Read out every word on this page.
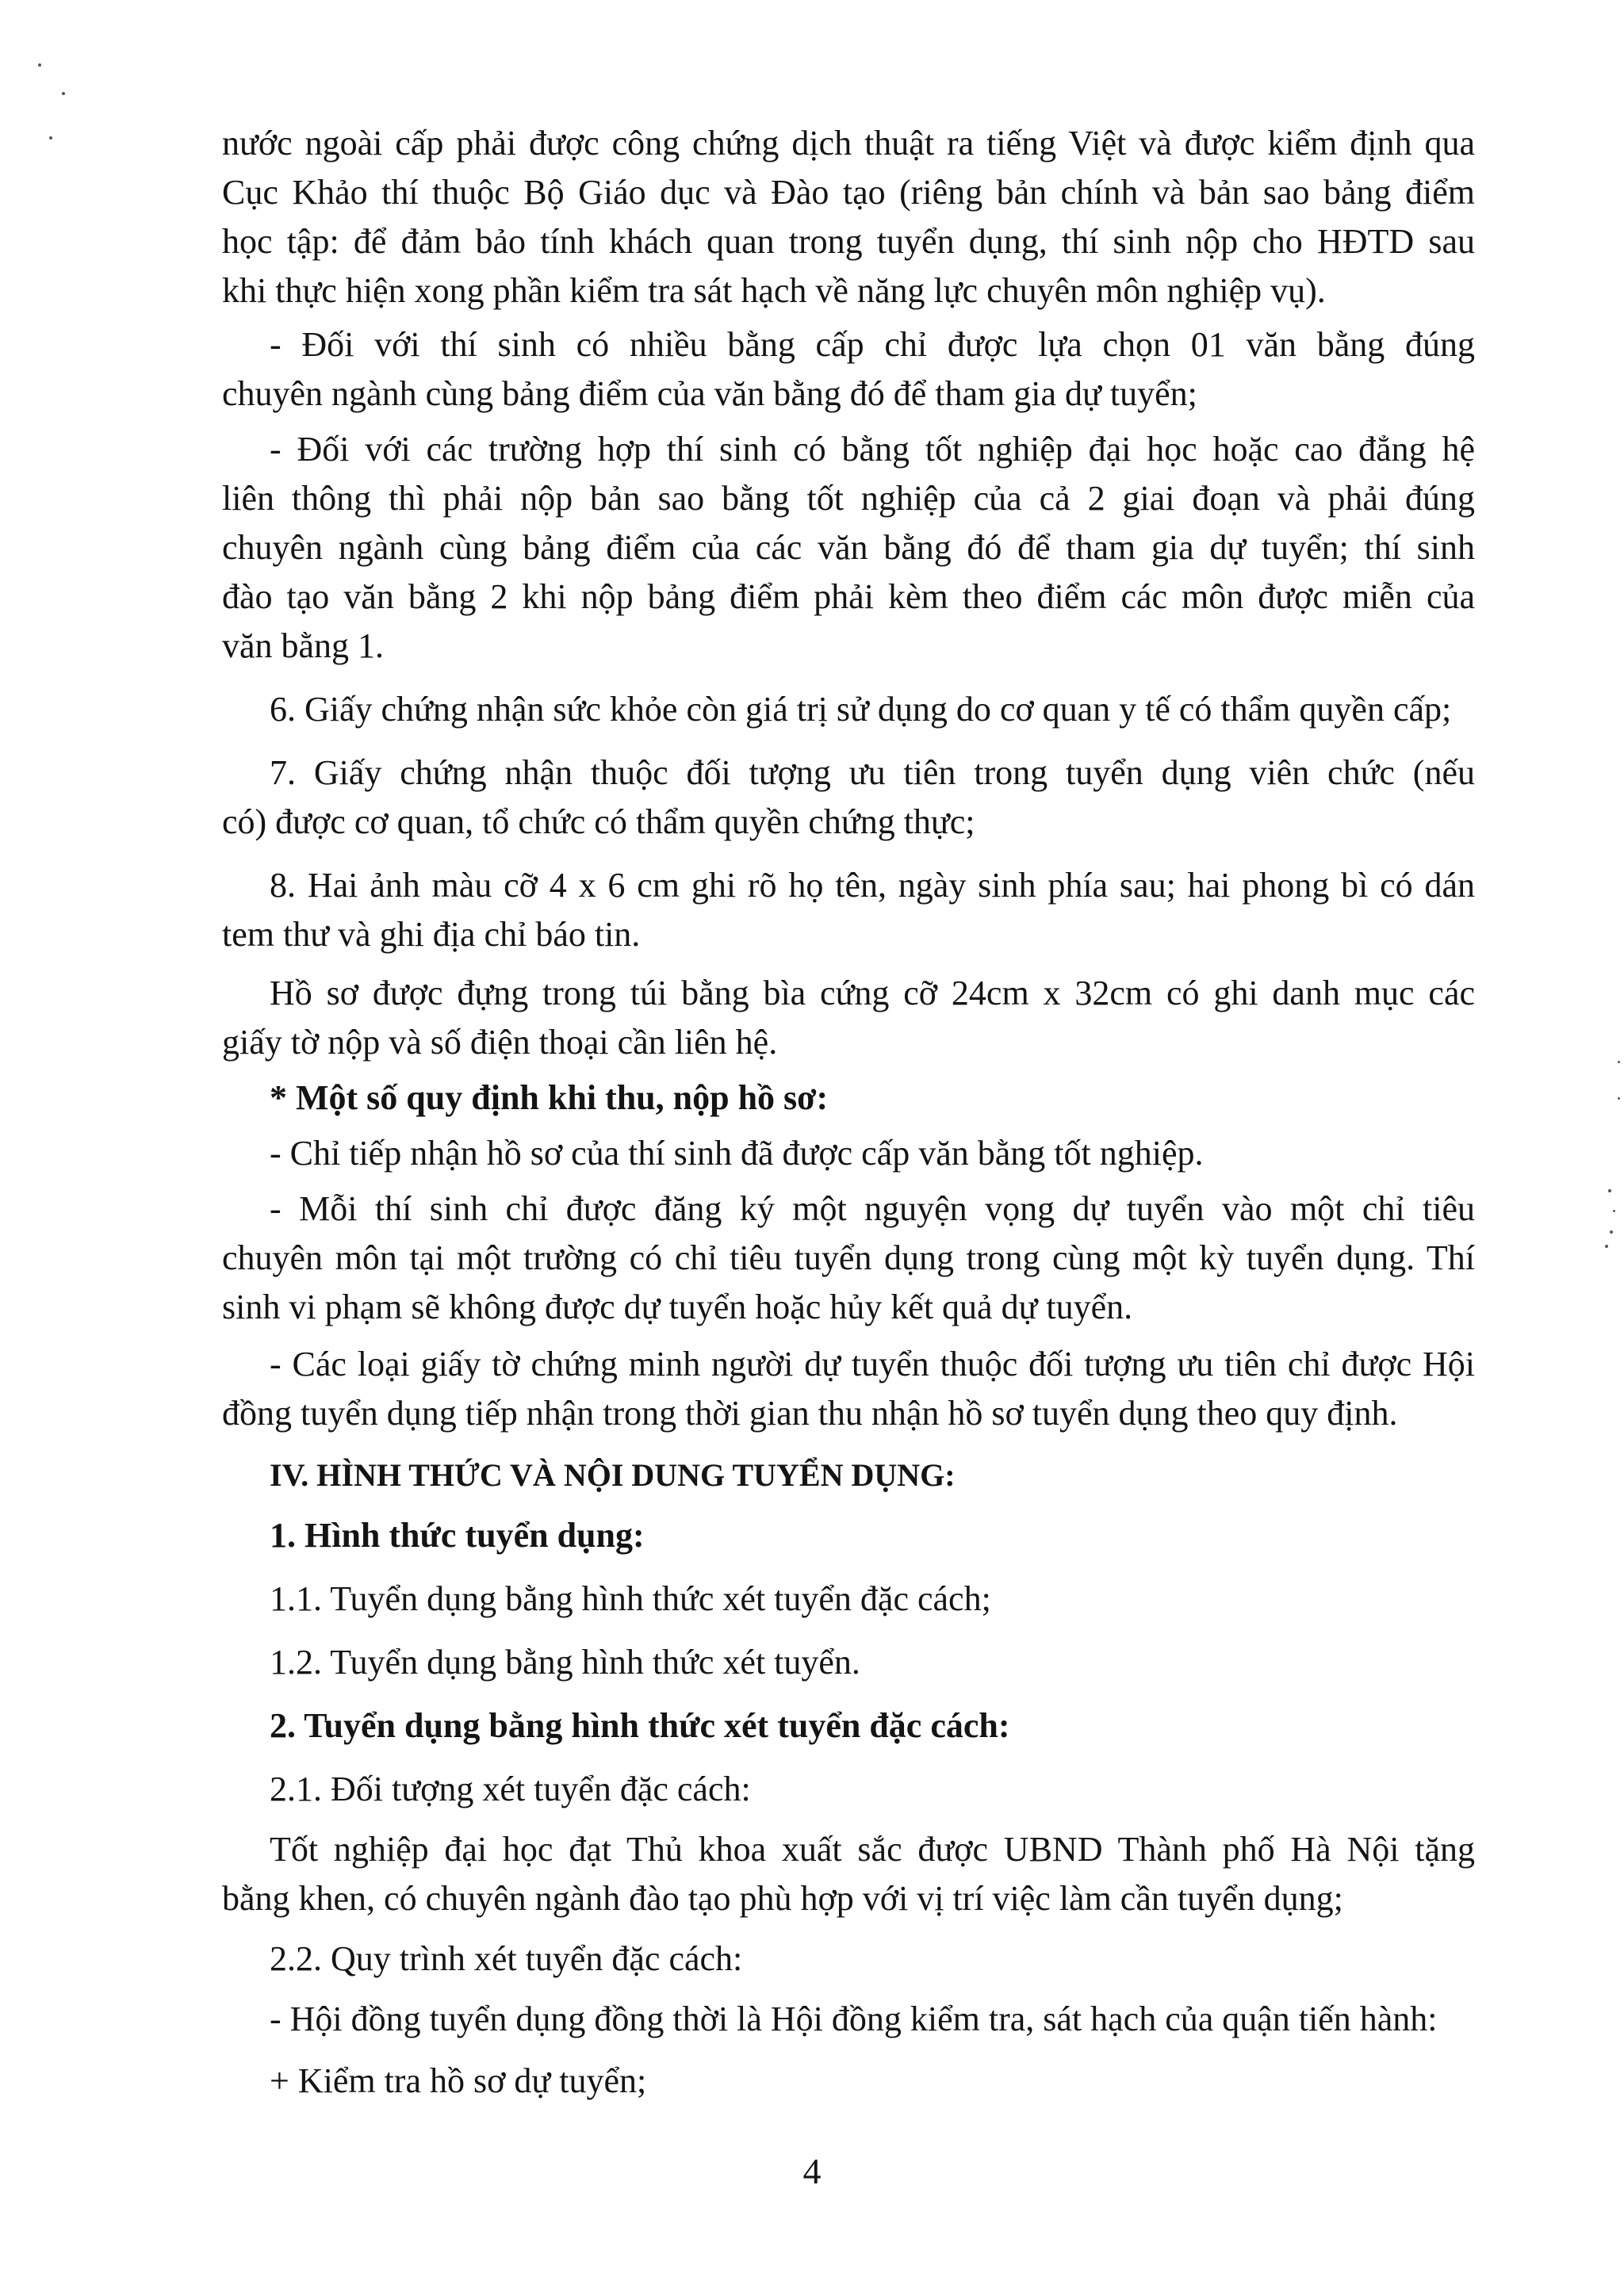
nước ngoài cấp phải được công chứng dịch thuật ra tiếng Việt và được kiểm định qua
Cục Khảo thí thuộc Bộ Giáo dục và Đào tạo (riêng bản chính và bản sao bảng điểm
học tập: để đảm bảo tính khách quan trong tuyển dụng, thí sinh nộp cho HĐTD sau
khi thực hiện xong phần kiểm tra sát hạch về năng lực chuyên môn nghiệp vụ).
- Đối với thí sinh có nhiều bằng cấp chỉ được lựa chọn 01 văn bằng đúng
chuyên ngành cùng bảng điểm của văn bằng đó để tham gia dự tuyển;
- Đối với các trường hợp thí sinh có bằng tốt nghiệp đại học hoặc cao đẳng hệ
liên thông thì phải nộp bản sao bằng tốt nghiệp của cả 2 giai đoạn và phải đúng
chuyên ngành cùng bảng điểm của các văn bằng đó để tham gia dự tuyển; thí sinh
đào tạo văn bằng 2 khi nộp bảng điểm phải kèm theo điểm các môn được miễn của
văn bằng 1.
6. Giấy chứng nhận sức khỏe còn giá trị sử dụng do cơ quan y tế có thẩm quyền cấp;
7. Giấy chứng nhận thuộc đối tượng ưu tiên trong tuyển dụng viên chức (nếu
có) được cơ quan, tổ chức có thẩm quyền chứng thực;
8. Hai ảnh màu cỡ 4 x 6 cm ghi rõ họ tên, ngày sinh phía sau; hai phong bì có dán
tem thư và ghi địa chỉ báo tin.
Hồ sơ được đựng trong túi bằng bìa cứng cỡ 24cm x 32cm có ghi danh mục các
giấy tờ nộp và số điện thoại cần liên hệ.
* Một số quy định khi thu, nộp hồ sơ:
- Chỉ tiếp nhận hồ sơ của thí sinh đã được cấp văn bằng tốt nghiệp.
- Mỗi thí sinh chỉ được đăng ký một nguyện vọng dự tuyển vào một chỉ tiêu
chuyên môn tại một trường có chỉ tiêu tuyển dụng trong cùng một kỳ tuyển dụng. Thí
sinh vi phạm sẽ không được dự tuyển hoặc hủy kết quả dự tuyển.
- Các loại giấy tờ chứng minh người dự tuyển thuộc đối tượng ưu tiên chỉ được Hội
đồng tuyển dụng tiếp nhận trong thời gian thu nhận hồ sơ tuyển dụng theo quy định.
IV. HÌNH THỨC VÀ NỘI DUNG TUYỂN DỤNG:
1. Hình thức tuyển dụng:
1.1. Tuyển dụng bằng hình thức xét tuyển đặc cách;
1.2. Tuyển dụng bằng hình thức xét tuyển.
2. Tuyển dụng bằng hình thức xét tuyển đặc cách:
2.1. Đối tượng xét tuyển đặc cách:
Tốt nghiệp đại học đạt Thủ khoa xuất sắc được UBND Thành phố Hà Nội tặng
bằng khen, có chuyên ngành đào tạo phù hợp với vị trí việc làm cần tuyển dụng;
2.2. Quy trình xét tuyển đặc cách:
- Hội đồng tuyển dụng đồng thời là Hội đồng kiểm tra, sát hạch của quận tiến hành:
+ Kiểm tra hồ sơ dự tuyển;
4
